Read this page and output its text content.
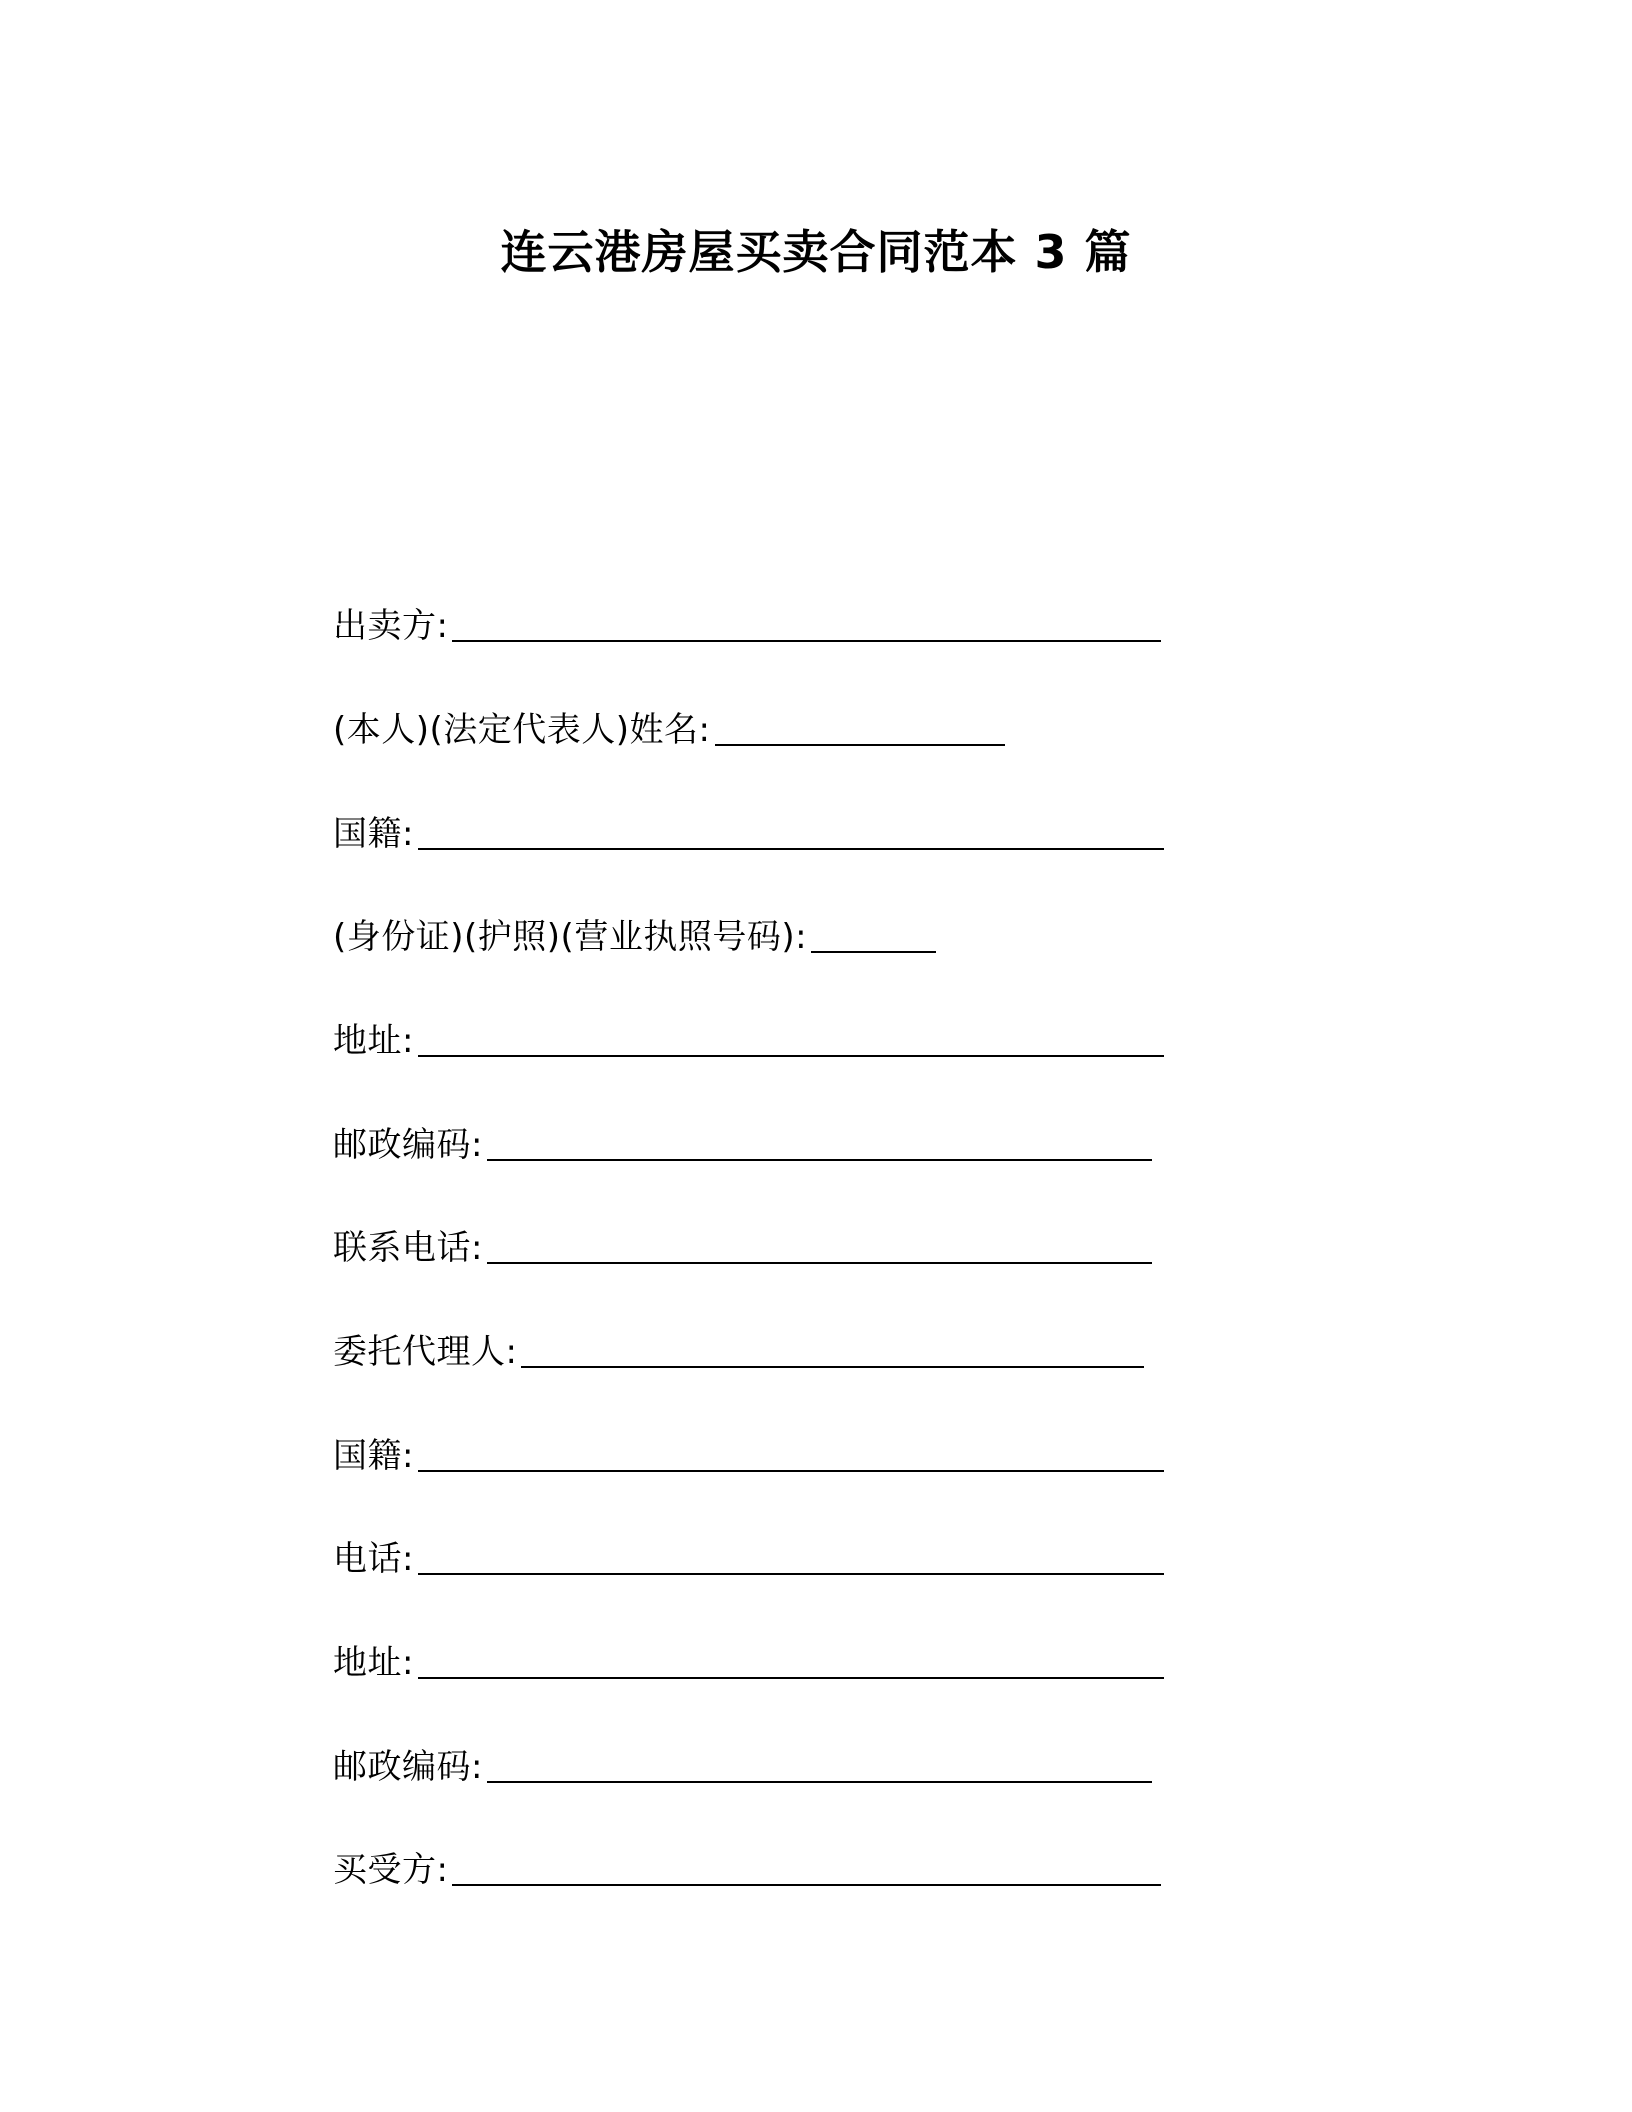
连云港房屋买卖合同范本 3 篇
出卖方:
(本人)(法定代表人)姓名:
国籍:
(身份证)(护照)(营业执照号码):
地址:
邮政编码:
联系电话:
委托代理人:
国籍:
电话:
地址:
邮政编码:
买受方:
